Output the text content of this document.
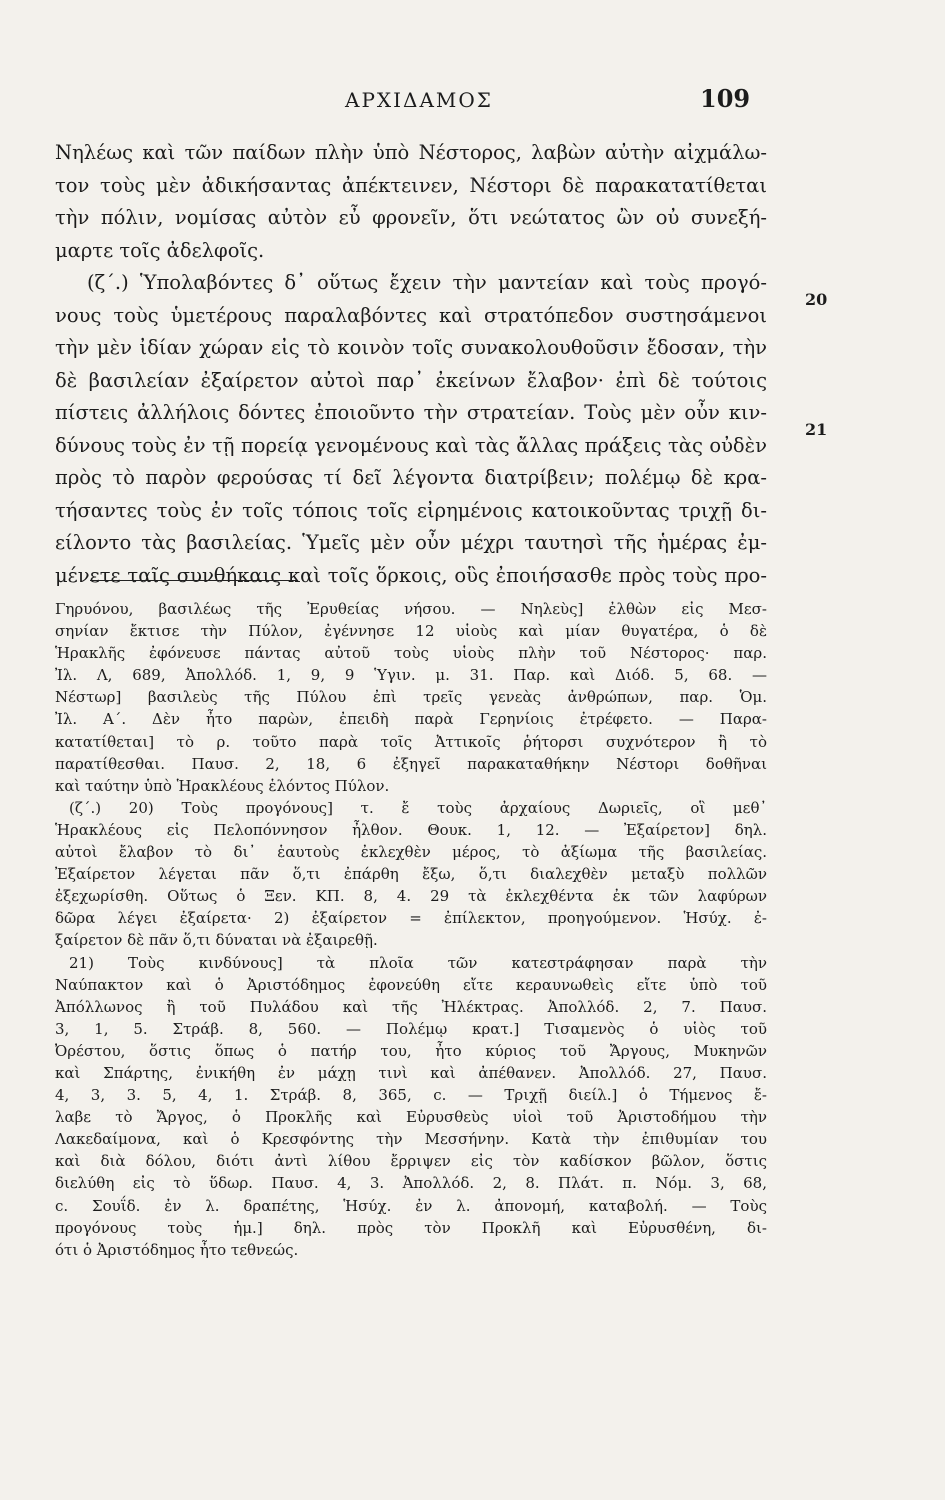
ΑΡΧΙΔΑΜΟΣ	109
Νηλέως καὶ τῶν παίδων πλὴν ὑπὸ Νέστορος, λαβὼν αὐτὴν αἰχμάλω-
τον τοὺς μὲν ἀδικήσαντας ἀπέκτεινεν, Νέστορι δὲ παρακατατίθεται
τὴν πόλιν, νομίσας αὐτὸν εὖ φρονεῖν, ὅτι νεώτατος ὢν οὐ συνεξή-
μαρτε τοῖς ἀδελφοῖς.
(ζ΄.) Ὑπολαβόντες δ᾽ οὕτως ἔχειν τὴν μαντείαν καὶ τοὺς προγό-
νους τοὺς ὑμετέρους παραλαβόντες καὶ στρατόπεδον συστησάμενοι
τὴν μὲν ἰδίαν χώραν εἰς τὸ κοινὸν τοῖς συνακολουθοῦσιν ἔδοσαν, τὴν
δὲ βασιλείαν ἐξαίρετον αὐτοὶ παρ᾽ ἐκείνων ἔλαβον· ἐπὶ δὲ τούτοις
πίστεις ἀλλήλοις δόντες ἐποιοῦντο τὴν στρατείαν. Τοὺς μὲν οὖν κιν-
δύνους τοὺς ἐν τῇ πορείᾳ γενομένους καὶ τὰς ἄλλας πράξεις τὰς οὐδὲν
πρὸς τὸ παρὸν φερούσας τί δεῖ λέγοντα διατρίβειν; πολέμῳ δὲ κρα-
τήσαντες τοὺς ἐν τοῖς τόποις τοῖς εἰρημένοις κατοικοῦντας τριχῇ δι-
είλοντο τὰς βασιλείας. Ὑμεῖς μὲν οὖν μέχρι ταυτησὶ τῆς ἡμέρας ἐμ-
μένετε ταῖς συνθήκαις καὶ τοῖς ὅρκοις, οὓς ἐποιήσασθε πρὸς τοὺς προ-
20
21
Γηρυόνου, βασιλέως τῆς Ἐρυθείας νήσου. — Νηλεὺς] ἐλθὼν εἰς Μεσ-
σηνίαν ἔκτισε τὴν Πύλον, ἐγέννησε 12 υἱοὺς καὶ μίαν θυγατέρα, ὁ δὲ
Ἡρακλῆς ἐφόνευσε πάντας αὐτοῦ τοὺς υἱοὺς πλὴν τοῦ Νέστορος· παρ.
Ἰλ. Λ, 689, Ἀπολλόδ. 1, 9, 9 Ὑγιν. μ. 31. Παρ. καὶ Διόδ. 5, 68. —
Νέστωρ] βασιλεὺς τῆς Πύλου ἐπὶ τρεῖς γενεὰς ἀνθρώπων, παρ. Ὁμ.
Ἰλ. Α΄. Δὲν ἦτο παρὼν, ἐπειδὴ παρὰ Γερηνίοις ἐτρέφετο. — Παρα-
κατατίθεται] τὸ ρ. τοῦτο παρὰ τοῖς Ἀττικοῖς ῥήτορσι συχνότερον ἢ τὸ
παρατίθεσθαι. Παυσ. 2, 18, 6 ἐξηγεῖ παρακαταθήκην Νέστορι δοθῆναι
καὶ ταύτην ὑπὸ Ἡρακλέους ἑλόντος Πύλον.
(ζ΄.) 20) Τοὺς προγόνους] τ. ἔ τοὺς ἀρχαίους Δωριεῖς, οἳ μεθ᾽
Ἡρακλέους εἰς Πελοπόννησον ἦλθον. Θουκ. 1, 12. — Ἐξαίρετον] δηλ.
αὐτοὶ ἔλαβον τὸ δι᾽ ἑαυτοὺς ἐκλεχθὲν μέρος, τὸ ἀξίωμα τῆς βασιλείας.
Ἐξαίρετον λέγεται πᾶν ὅ,τι ἐπάρθη ἔξω, ὅ,τι διαλεχθὲν μεταξὺ πολλῶν
ἐξεχωρίσθη. Οὕτως ὁ Ξεν. ΚΠ. 8, 4. 29 τὰ ἐκλεχθέντα ἐκ τῶν λαφύρων
δῶρα λέγει ἐξαίρετα· 2) ἐξαίρετον = ἐπίλεκτον, προηγούμενον. Ἡσύχ. ἐ-
ξαίρετον δὲ πᾶν ὅ,τι δύναται νὰ ἐξαιρεθῇ.
21) Τοὺς κινδύνους] τὰ πλοῖα τῶν κατεστράφησαν παρὰ τὴν
Ναύπακτον καὶ ὁ Ἀριστόδημος ἐφονεύθη εἴτε κεραυνωθεὶς εἴτε ὑπὸ τοῦ
Ἀπόλλωνος ἢ τοῦ Πυλάδου καὶ τῆς Ἠλέκτρας. Ἀπολλόδ. 2, 7. Παυσ.
3, 1, 5. Στράβ. 8, 560. — Πολέμῳ κρατ.] Τισαμενὸς ὁ υἱὸς τοῦ
Ὀρέστου, ὅστις ὅπως ὁ πατήρ του, ἦτο κύριος τοῦ Ἄργους, Μυκηνῶν
καὶ Σπάρτης, ἐνικήθη ἐν μάχῃ τινὶ καὶ ἀπέθανεν. Ἀπολλόδ. 27, Παυσ.
4, 3, 3. 5, 4, 1. Στράβ. 8, 365, c. — Τριχῇ διείλ.] ὁ Τήμενος ἔ-
λαβε τὸ Ἄργος, ὁ Προκλῆς καὶ Εὐρυσθεὺς υἱοὶ τοῦ Ἀριστοδήμου τὴν
Λακεδαίμονα, καὶ ὁ Κρεσφόντης τὴν Μεσσήνην. Κατὰ τὴν ἐπιθυμίαν του
καὶ διὰ δόλου, διότι ἀντὶ λίθου ἔρριψεν εἰς τὸν καδίσκον βῶλον, ὅστις
διελύθη εἰς τὸ ὕδωρ. Παυσ. 4, 3. Ἀπολλόδ. 2, 8. Πλάτ. π. Νόμ. 3, 68,
c. Σουΐδ. ἐν λ. δραπέτης, Ἡσύχ. ἐν λ. ἀπονομή, καταβολή. — Τοὺς
προγόνους τοὺς ἡμ.] δηλ. πρὸς τὸν Προκλῆ καὶ Εὐρυσθένη, δι-
ότι ὁ Ἀριστόδημος ἦτο τεθνεώς.
